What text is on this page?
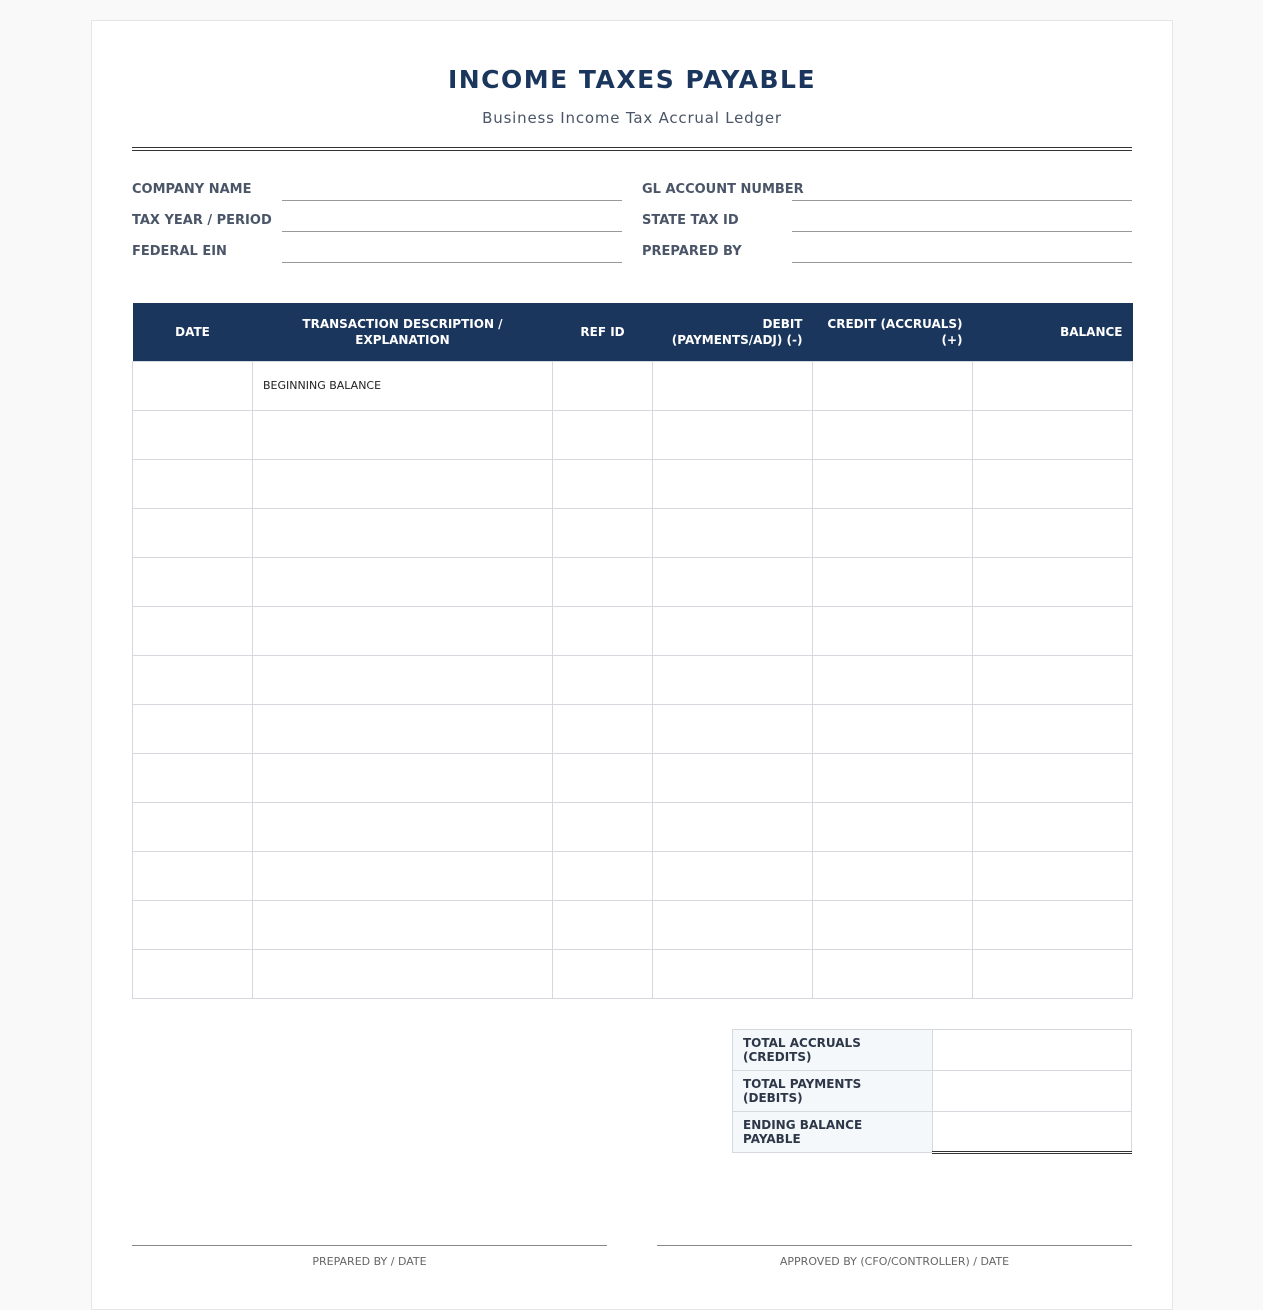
INCOME TAXES PAYABLE
Business Income Tax Accrual Ledger
COMPANY NAME
TAX YEAR / PERIOD
FEDERAL EIN
GL ACCOUNT NUMBER
STATE TAX ID
PREPARED BY
DATE	TRANSACTION DESCRIPTION / EXPLANATION	REF ID	DEBIT (PAYMENTS/ADJ) (-)	CREDIT (ACCRUALS) (+)	BALANCE
	BEGINNING BALANCE				

TOTAL ACCRUALS (CREDITS)	
TOTAL PAYMENTS (DEBITS)	
ENDING BALANCE PAYABLE	
PREPARED BY / DATE	APPROVED BY (CFO/CONTROLLER) / DATE
